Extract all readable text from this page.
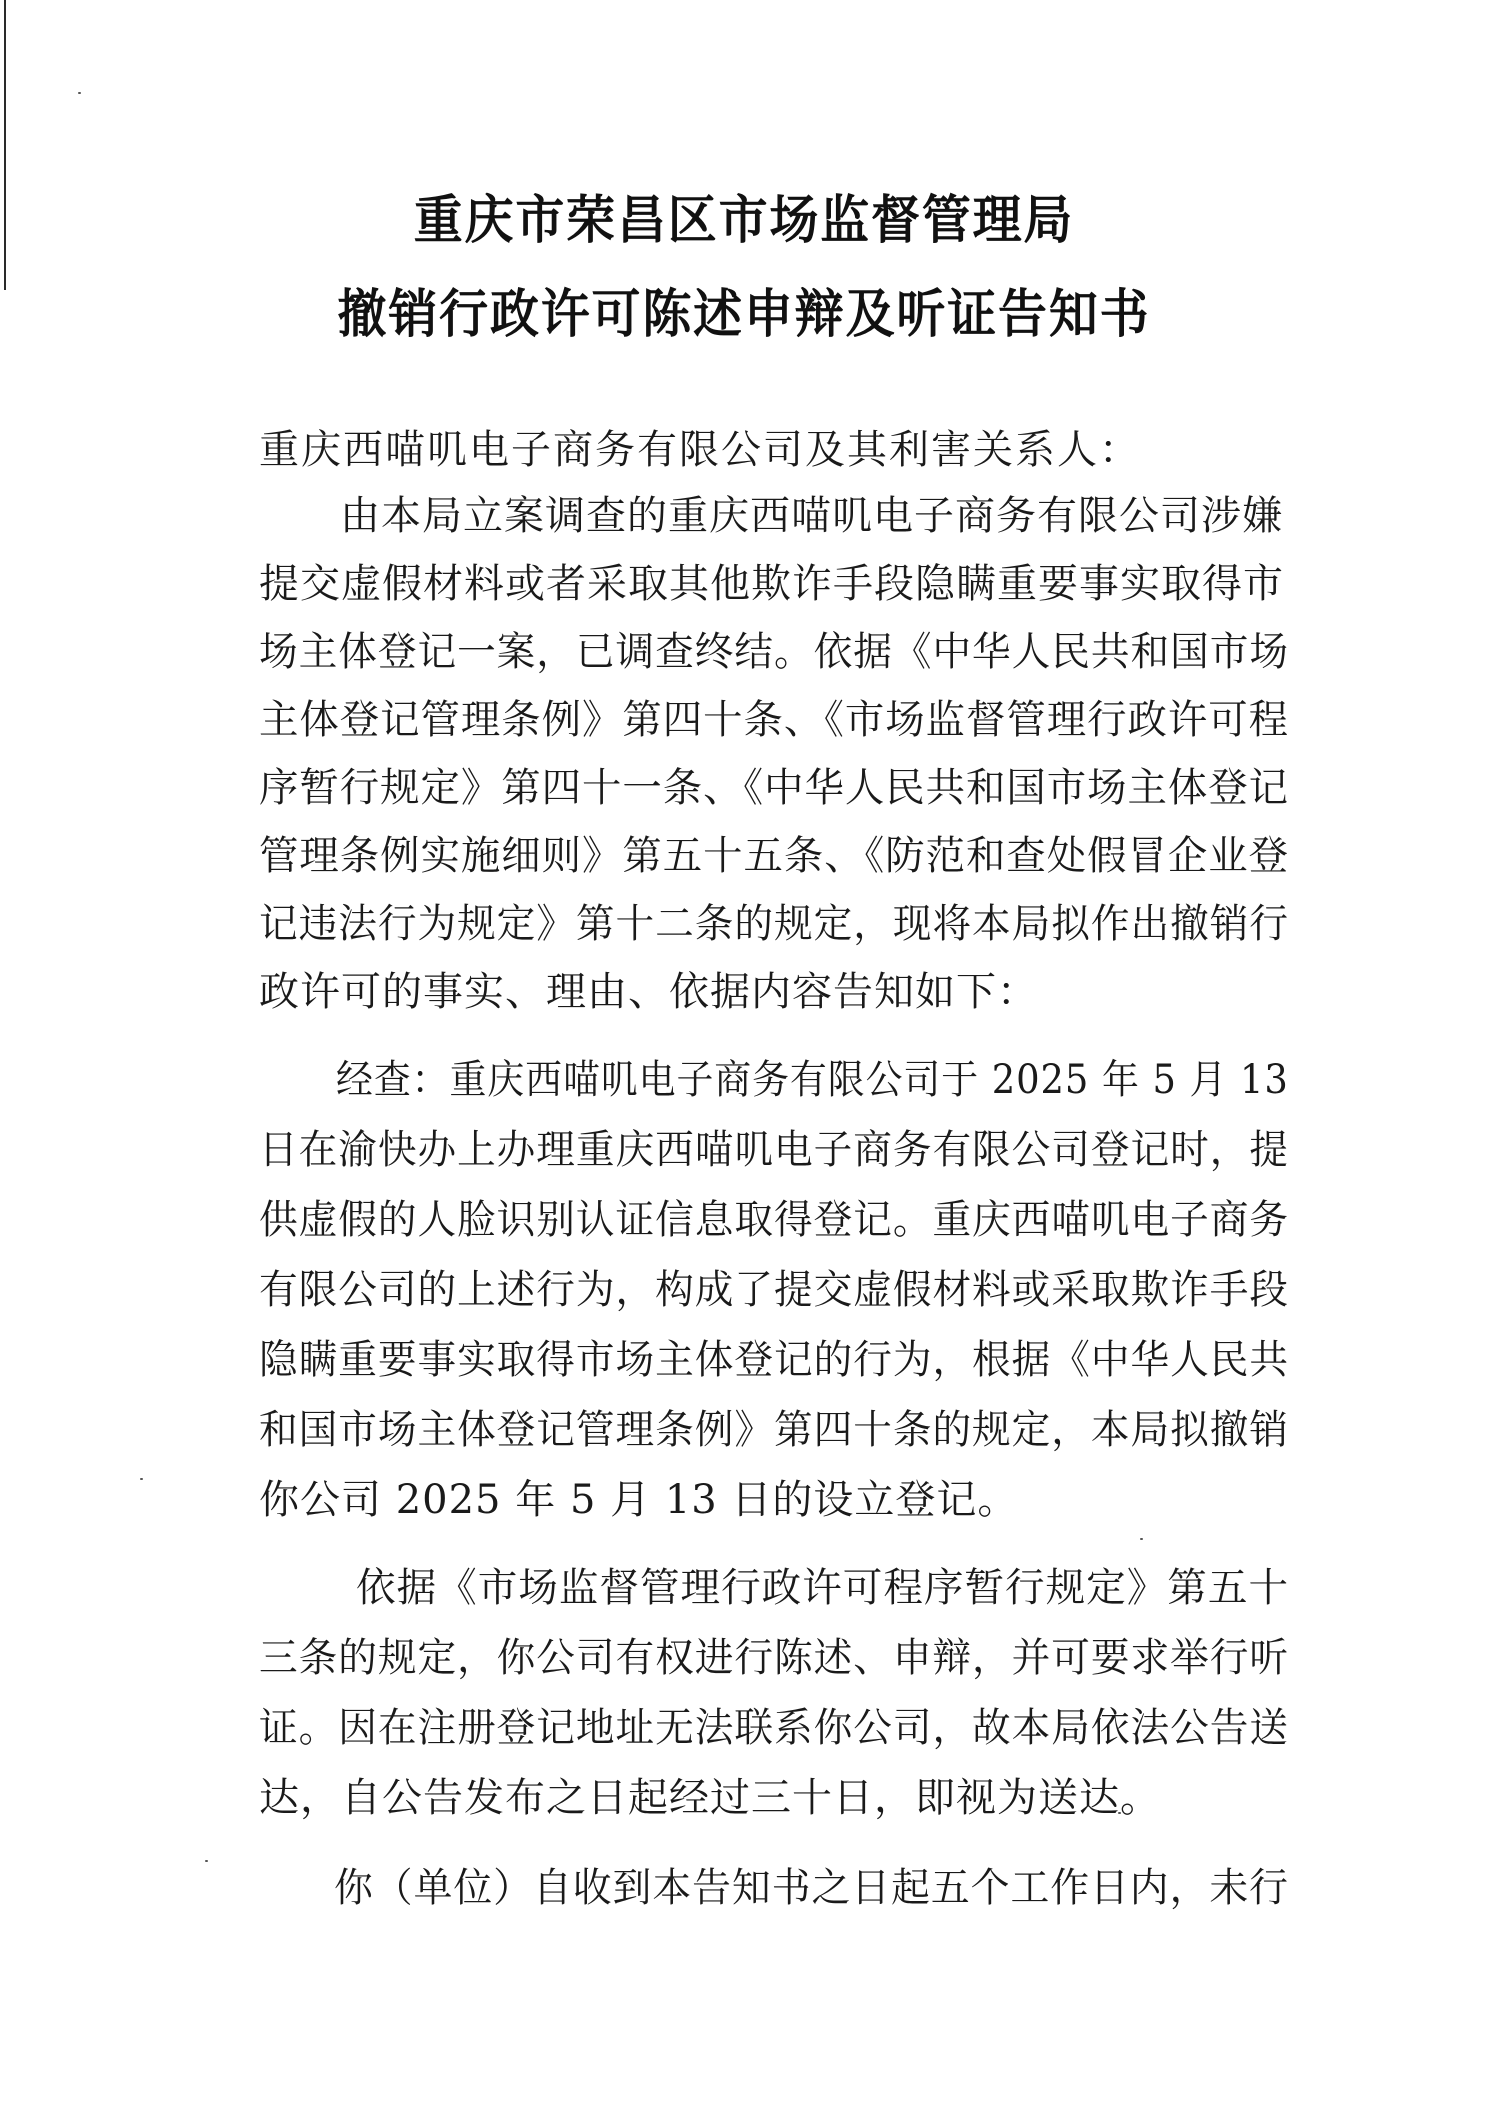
重庆市荣昌区市场监督管理局
撤销行政许可陈述申辩及听证告知书
重庆西喵叽电子商务有限公司及其利害关系人：
由本局立案调查的重庆西喵叽电子商务有限公司涉嫌
提交虚假材料或者采取其他欺诈手段隐瞒重要事实取得市
场主体登记一案，已调查终结。依据《中华人民共和国市场
主体登记管理条例》第四十条、《市场监督管理行政许可程
序暂行规定》第四十一条、《中华人民共和国市场主体登记
管理条例实施细则》第五十五条、《防范和查处假冒企业登
记违法行为规定》第十二条的规定，现将本局拟作出撤销行
政许可的事实、理由、依据内容告知如下：
经查：重庆西喵叽电子商务有限公司于 2025 年 5 月 13
日在渝快办上办理重庆西喵叽电子商务有限公司登记时，提
供虚假的人脸识别认证信息取得登记。重庆西喵叽电子商务
有限公司的上述行为，构成了提交虚假材料或采取欺诈手段
隐瞒重要事实取得市场主体登记的行为，根据《中华人民共
和国市场主体登记管理条例》第四十条的规定，本局拟撤销
你公司 2025 年 5 月 13 日的设立登记。
依据《市场监督管理行政许可程序暂行规定》第五十
三条的规定，你公司有权进行陈述、申辩，并可要求举行听
证。因在注册登记地址无法联系你公司，故本局依法公告送
达，自公告发布之日起经过三十日，即视为送达。
你（单位）自收到本告知书之日起五个工作日内，未行
